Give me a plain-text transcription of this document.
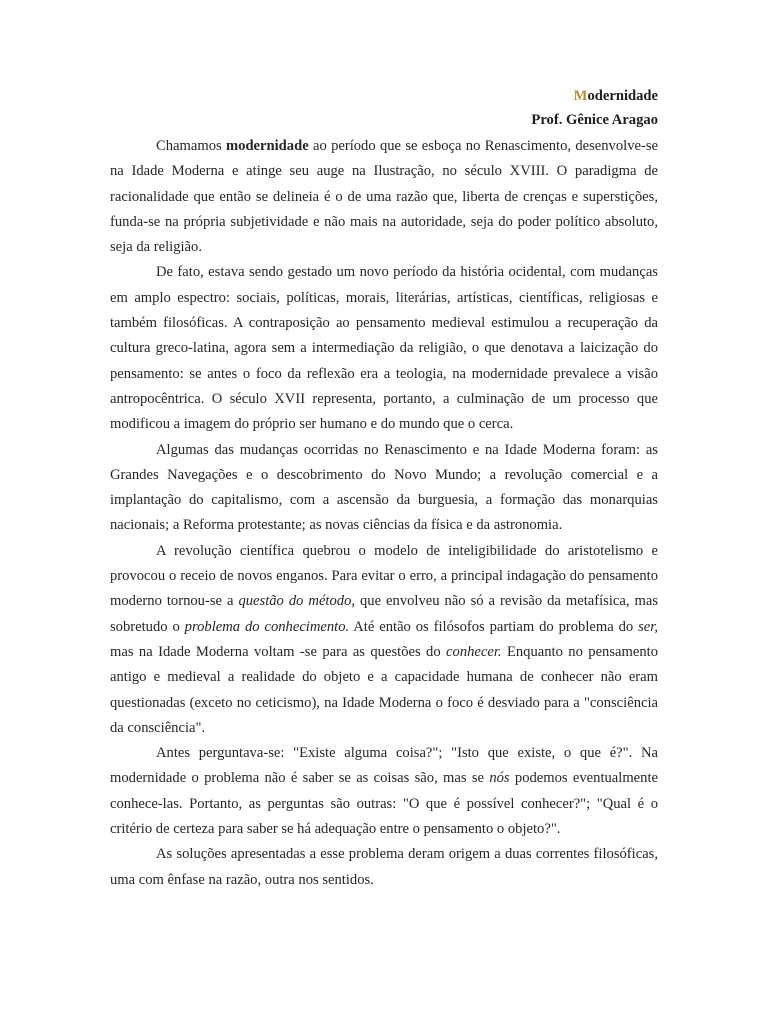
Modernidade
Prof. Gênice Aragao

Chamamos modernidade ao período que se esboça no Renascimento, desenvolve-se na Idade Moderna e atinge seu auge na Ilustração, no século XVIII. O paradigma de racionalidade que então se delineia é o de uma razão que, liberta de crenças e superstições, funda-se na própria subjetividade e não mais na autoridade, seja do poder político absoluto, seja da religião.

De fato, estava sendo gestado um novo período da história ocidental, com mudanças em amplo espectro: sociais, políticas, morais, literárias, artísticas, científicas, religiosas e também filosóficas. A contraposição ao pensamento medieval estimulou a recuperação da cultura greco-latina, agora sem a intermediação da religião, o que denotava a laicização do pensamento: se antes o foco da reflexão era a teologia, na modernidade prevalece a visão antropocêntrica. O século XVII representa, portanto, a culminação de um processo que modificou a imagem do próprio ser humano e do mundo que o cerca.

Algumas das mudanças ocorridas no Renascimento e na Idade Moderna foram: as Grandes Navegações e o descobrimento do Novo Mundo; a revolução comercial e a implantação do capitalismo, com a ascensão da burguesia, a formação das monarquias nacionais; a Reforma protestante; as novas ciências da física e da astronomia.

A revolução científica quebrou o modelo de inteligibilidade do aristotelismo e provocou o receio de novos enganos. Para evitar o erro, a principal indagação do pensamento moderno tornou-se a questão do método, que envolveu não só a revisão da metafísica, mas sobretudo o problema do conhecimento. Até então os filósofos partiam do problema do ser, mas na Idade Moderna voltam -se para as questões do conhecer. Enquanto no pensamento antigo e medieval a realidade do objeto e a capacidade humana de conhecer não eram questionadas (exceto no ceticismo), na Idade Moderna o foco é desviado para a "consciência da consciência".

Antes perguntava-se: "Existe alguma coisa?"; "Isto que existe, o que é?". Na modernidade o problema não é saber se as coisas são, mas se nós podemos eventualmente conhece-las. Portanto, as perguntas são outras: "O que é possível conhecer?"; "Qual é o critério de certeza para saber se há adequação entre o pensamento o objeto?".

As soluções apresentadas a esse problema deram origem a duas correntes filosóficas, uma com ênfase na razão, outra nos sentidos.
